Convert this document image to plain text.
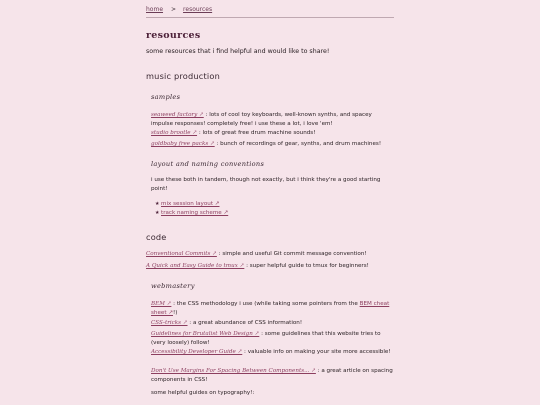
home > resources
resources

some resources that i find helpful and would like to share!

music production
samples

seaweed factory ↗ : lots of cool toy keyboards, well-known synths, and spacey impulse responses! completely free! i use these a lot, i love 'em!

studio brootle ↗ : lots of great free drum machine sounds!

goldbaby free packs ↗ : bunch of recordings of gear, synths, and drum machines!

layout and naming conventions

i use these both in tandem, though not exactly, but i think they're a good starting point!

★ mix session layout ↗
★ track naming scheme ↗
code

Conventional Commits ↗ : simple and useful Git commit message convention!

A Quick and Easy Guide to tmux ↗ : super helpful guide to tmux for beginners!

webmastery

BEM ↗ : the CSS methodology i use (while taking some pointers from the BEM cheat sheet ↗!)

CSS-tricks ↗ : a great abundance of CSS information!

Guidelines for Brutalist Web Design ↗ : some guidelines that this website tries to (very loosely) follow!

Accessibility Developer Guide ↗ : valuable info on making your site more accessible!

Don't Use Margins For Spacing Between Components... ↗ : a great article on spacing components in CSS!

some helpful guides on typography!:
